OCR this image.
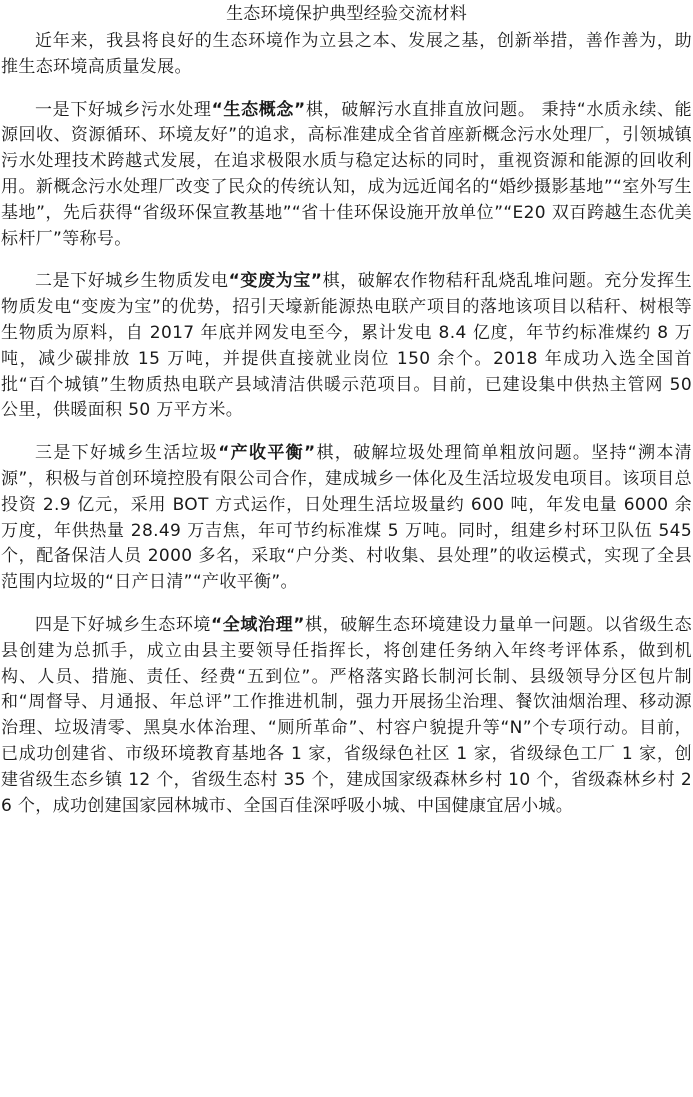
生态环境保护典型经验交流材料

近年来，我县将良好的生态环境作为立县之本、发展之基，创新举措，善作善为，助推生态环境高质量发展。

一是下好城乡污水处理“生态概念”棋，破解污水直排直放问题。 秉持“水质永续、能源回收、资源循环、环境友好”的追求，高标准建成全省首座新概念污水处理厂，引领城镇污水处理技术跨越式发展，在追求极限水质与稳定达标的同时，重视资源和能源的回收利用。新概念污水处理厂改变了民众的传统认知，成为远近闻名的“婚纱摄影基地”“室外写生基地”，先后获得“省级环保宣教基地”“省十佳环保设施开放单位”“E20 双百跨越生态优美标杆厂”等称号。

二是下好城乡生物质发电“变废为宝”棋，破解农作物秸秆乱烧乱堆问题。充分发挥生物质发电“变废为宝”的优势，招引天壕新能源热电联产项目的落地该项目以秸秆、树根等生物质为原料，自 2017 年底并网发电至今，累计发电 8.4 亿度，年节约标准煤约 8 万吨，减少碳排放 15 万吨，并提供直接就业岗位 150 余个。2018 年成功入选全国首批“百个城镇”生物质热电联产县域清洁供暖示范项目。目前，已建设集中供热主管网 50 公里，供暖面积 50 万平方米。

三是下好城乡生活垃圾“产收平衡”棋，破解垃圾处理简单粗放问题。坚持“溯本清源”，积极与首创环境控股有限公司合作，建成城乡一体化及生活垃圾发电项目。该项目总投资 2.9 亿元，采用 BOT 方式运作，日处理生活垃圾量约 600 吨，年发电量 6000 余万度，年供热量 28.49 万吉焦，年可节约标准煤 5 万吨。同时，组建乡村环卫队伍 545 个，配备保洁人员 2000 多名，采取“户分类、村收集、县处理”的收运模式，实现了全县范围内垃圾的“日产日清”“产收平衡”。

四是下好城乡生态环境“全域治理”棋，破解生态环境建设力量单一问题。以省级生态县创建为总抓手，成立由县主要领导任指挥长，将创建任务纳入年终考评体系，做到机构、人员、措施、责任、经费“五到位”。严格落实路长制河长制、县级领导分区包片制和“周督导、月通报、年总评”工作推进机制，强力开展扬尘治理、餐饮油烟治理、移动源治理、垃圾清零、黑臭水体治理、“厕所革命”、村容户貌提升等“N”个专项行动。目前，已成功创建省、市级环境教育基地各 1 家，省级绿色社区 1 家，省级绿色工厂 1 家，创建省级生态乡镇 12 个，省级生态村 35 个，建成国家级森林乡村 10 个，省级森林乡村 26 个，成功创建国家园林城市、全国百佳深呼吸小城、中国健康宜居小城。
